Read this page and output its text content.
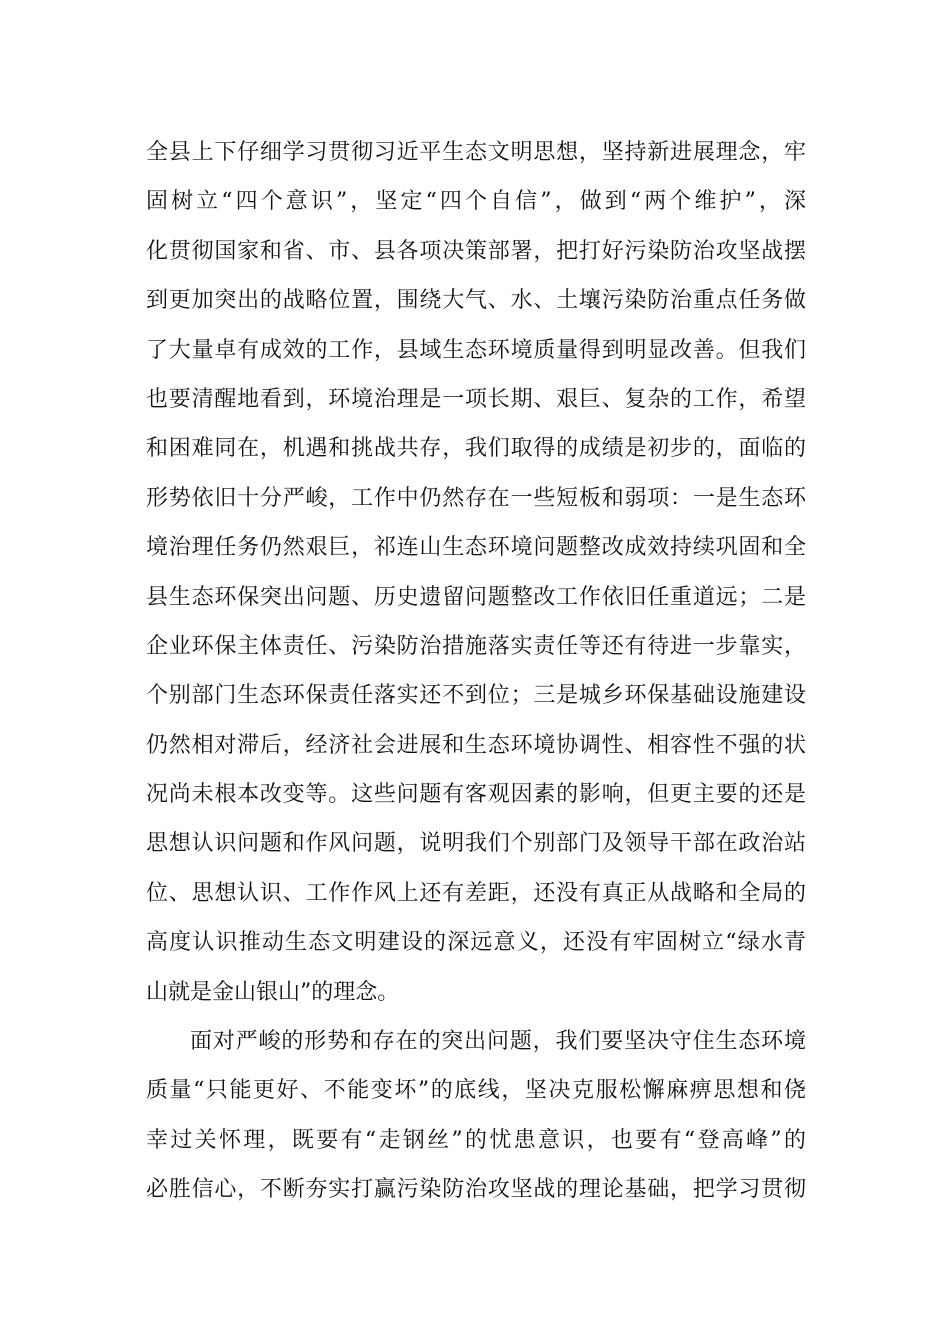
全县上下仔细学习贯彻习近平生态文明思想，坚持新进展理念，牢
固树立“四个意识”，坚定“四个自信”，做到“两个维护”，深
化贯彻国家和省、市、县各项决策部署，把打好污染防治攻坚战摆
到更加突出的战略位置，围绕大气、水、土壤污染防治重点任务做
了大量卓有成效的工作，县域生态环境质量得到明显改善。但我们
也要清醒地看到，环境治理是一项长期、艰巨、复杂的工作，希望
和困难同在，机遇和挑战共存，我们取得的成绩是初步的，面临的
形势依旧十分严峻，工作中仍然存在一些短板和弱项：一是生态环
境治理任务仍然艰巨，祁连山生态环境问题整改成效持续巩固和全
县生态环保突出问题、历史遗留问题整改工作依旧任重道远；二是
企业环保主体责任、污染防治措施落实责任等还有待进一步靠实，
个别部门生态环保责任落实还不到位；三是城乡环保基础设施建设
仍然相对滞后，经济社会进展和生态环境协调性、相容性不强的状
况尚未根本改变等。这些问题有客观因素的影响，但更主要的还是
思想认识问题和作风问题，说明我们个别部门及领导干部在政治站
位、思想认识、工作作风上还有差距，还没有真正从战略和全局的
高度认识推动生态文明建设的深远意义，还没有牢固树立“绿水青
山就是金山银山”的理念。
面对严峻的形势和存在的突出问题，我们要坚决守住生态环境
质量“只能更好、不能变坏”的底线，坚决克服松懈麻痹思想和侥
幸过关怀理，既要有“走钢丝”的忧患意识，也要有“登高峰”的
必胜信心，不断夯实打赢污染防治攻坚战的理论基础，把学习贯彻
